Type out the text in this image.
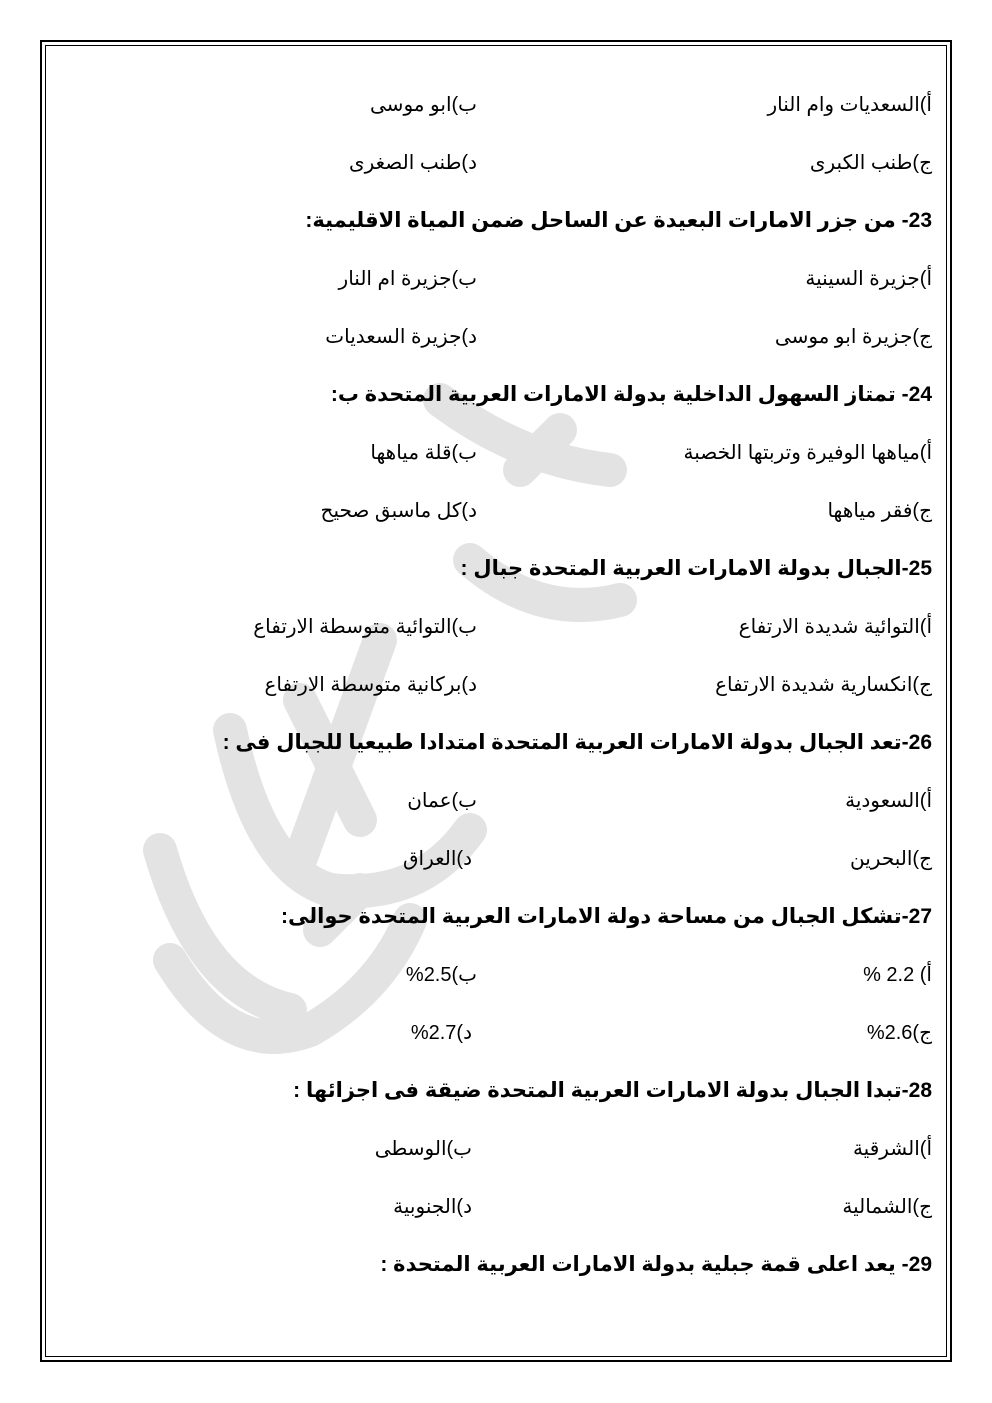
أ)السعديات وام النار
ب)ابو موسى
ج)طنب الكبرى
د)طنب الصغرى
23- من جزر الامارات البعيدة عن الساحل ضمن المياة الاقليمية:
أ)جزيرة السينية
ب)جزيرة ام النار
ج)جزيرة ابو موسى
د)جزيرة السعديات
24- تمتاز السهول الداخلية بدولة الامارات العربية المتحدة ب:
أ)مياهها الوفيرة وتربتها الخصبة
ب)قلة مياهها
ج)فقر مياهها
د)كل ماسبق صحيح
25-الجبال بدولة الامارات العربية المتحدة جبال :
أ)التوائية شديدة الارتفاع
ب)التوائية متوسطة الارتفاع
ج)انكسارية شديدة الارتفاع
د)بركانية متوسطة الارتفاع
26-تعد الجبال بدولة الامارات العربية المتحدة امتدادا طبيعيا للجبال فى :
أ)السعودية
ب)عمان
ج)البحرين
د)العراق
27-تشكل الجبال من مساحة دولة الامارات العربية المتحدة حوالى:
أ) 2.2 %
ب)2.5%
ج)2.6%
د)2.7%
28-تبدا الجبال بدولة الامارات العربية المتحدة ضيقة فى اجزائها :
أ)الشرقية
ب)الوسطى
ج)الشمالية
د)الجنوبية
29- يعد اعلى قمة جبلية بدولة الامارات العربية المتحدة :
